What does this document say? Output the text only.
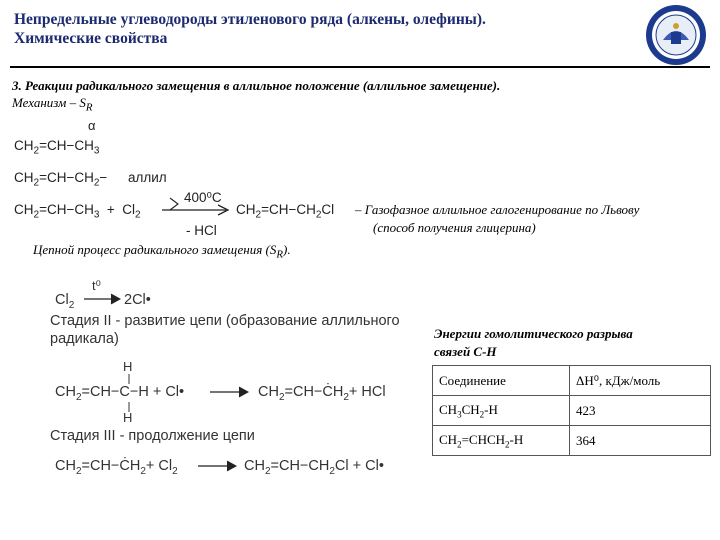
Непредельные углеводороды этиленового ряда (алкены, олефины).
Химические свойства
3. Реакции радикального замещения в аллильное положение (аллильное замещение).
Механизм – $S_R$
α
$CH_2=CH-CH_3$
$CH_2=CH-CH_2-$ аллил
$CH_2=CH-CH_3 + Cl_2$
400⁰С
- HCl
$CH_2=CH-CH_2Cl$ – Газофазное аллильное галогенирование по Львову
(способ получения глицерина)
Цепной процесс радикального замещения $(S_R)$.
t⁰
$Cl_2$	2Cl•
Стадия II - развитие цепи (образование аллильного
радикала)
H
$CH_2=CH-C-H$ + Cl•
H
$CH_2=CH-ĊH_2+$ HCl
Стадия III - продолжение цепи
$CH_2=CH-ĊH_2+ Cl_2$	$CH_2=CH-CH_2Cl$ + Cl•
Энергии гомолитического разрыва
связей С-Н
Соединение	ΔH⁰, кДж/моль
$CH_3CH_2-H$	423
$CH_2=CHCH_2-H$	364
